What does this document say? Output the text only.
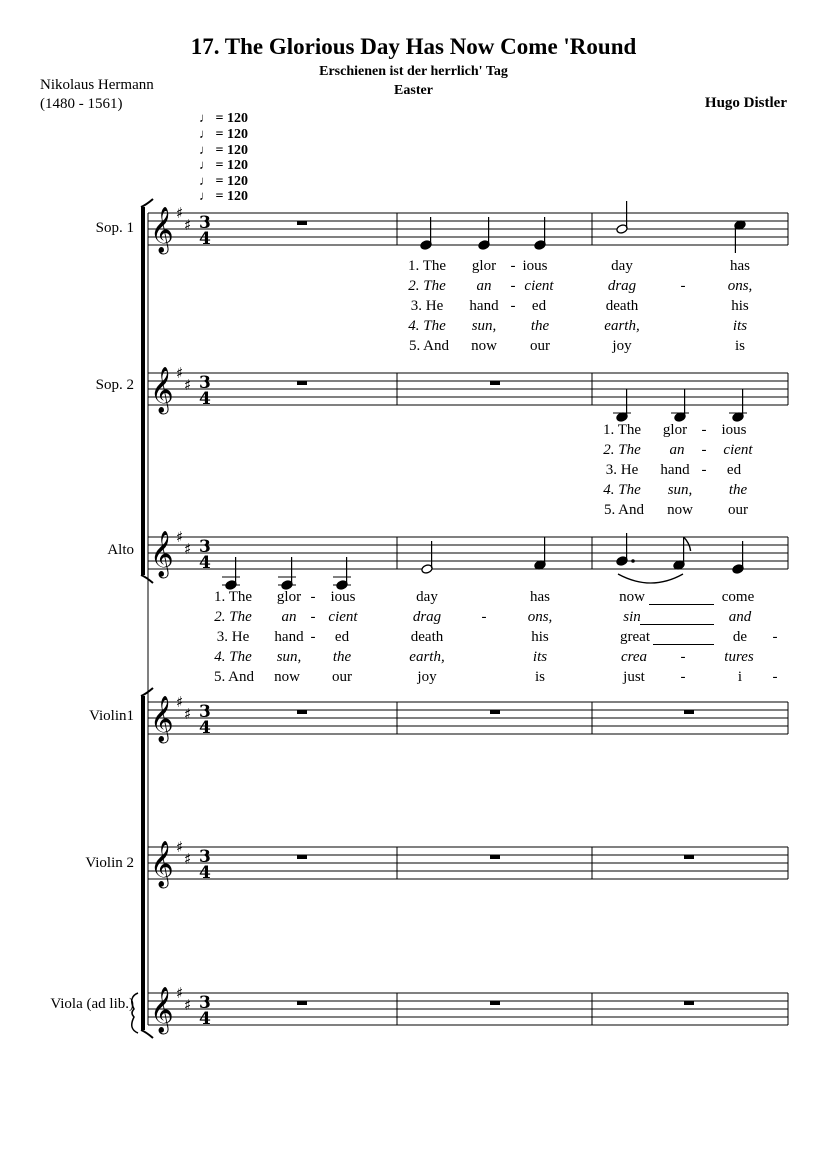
17. The Glorious Day Has Now Come 'Round
Erschienen ist der herrlich' Tag
Easter
Nikolaus Hermann
(1480 - 1561)	Hugo Distler
♩ = 120
♩ = 120
♩ = 120
♩ = 120
♩ = 120
♩ = 120
Sop. 1
Sop. 2
Alto
Violin1
Violin 2
Viola (ad lib.)
𝄞 ♯
♯ 3
4
𝄞 ♯
♯ 3
4
𝄞 ♯
♯ 3
4
𝄞 ♯
♯ 3
4
𝄞 ♯
♯ 3
4
𝄞 ♯
♯ 3
4
1. The glor - ious	day	has
2. The an - cient	drag	-	ons,
3. He hand - ed	death	his
4. The sun, the	earth,	its
5. And now our	joy	is
1. The glor - ious
2. The an - cient
3. He hand - ed
4. The sun, the
5. And now our
1. The glor - ious	day	has	now	come
2. The an - cient	drag	-	ons,	sin	and
3. He hand - ed	death	his	great	de -
4. The sun, the	earth,	its	crea -	tures
5. And now our	joy	is	just -	i -
